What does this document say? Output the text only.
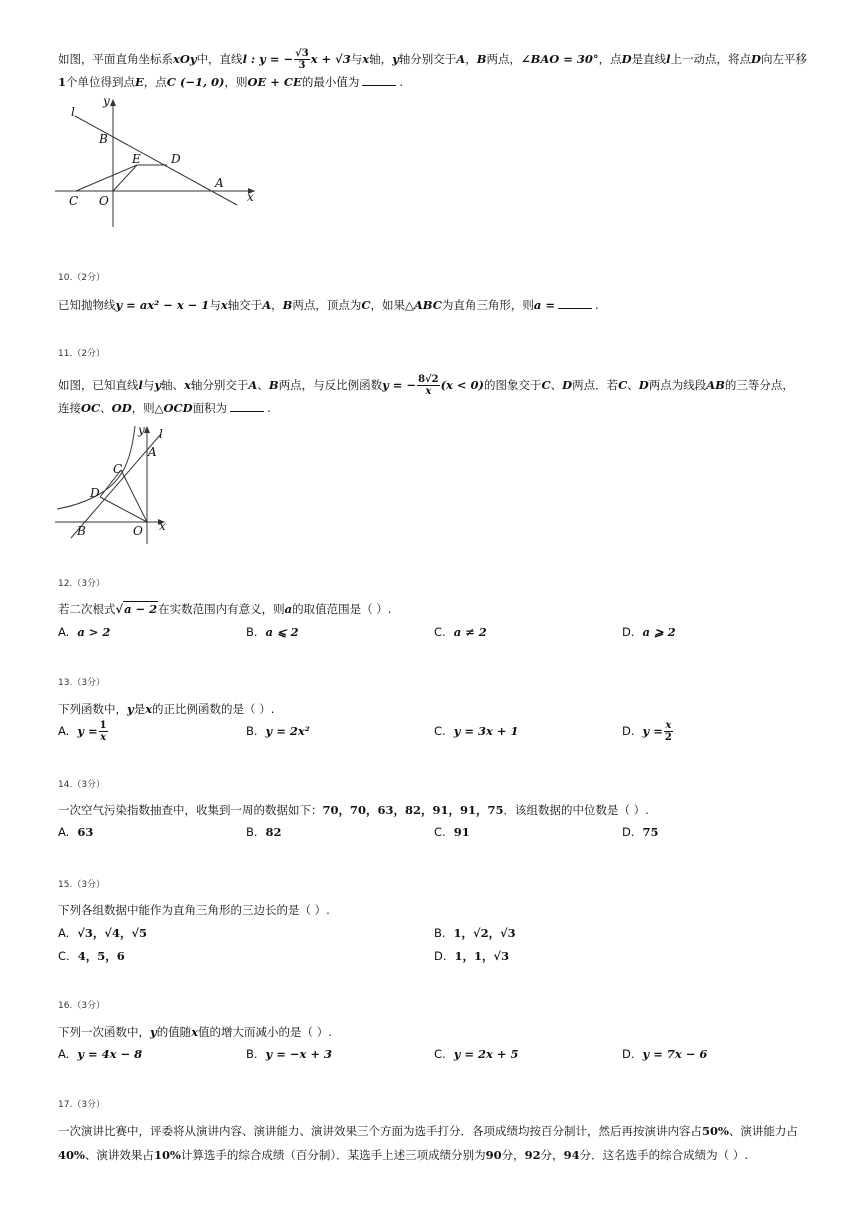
如图，平面直角坐标系xOy中，直线l : y = − $\frac{√3}{3}$ x + √3与x轴，y轴分别交于A，B两点，∠BAO = 30°，点D是直线l上一动点，将点D向左平移
1个单位得到点E，点C (−1, 0)，则OE + CE的最小值为	.
l
y
B
E	D
A
C O	x
10.（2分）
已知抛物线y = ax² − x − 1与x轴交于A，B两点，顶点为C，如果△ABC为直角三角形，则a =	.
11.（2分）
如图，已知直线l与y轴、x轴分别交于A、B两点，与反比例函数y = − $\frac{8√2}{x} (x < 0)$的图象交于C、D两点．若C、D两点为线段AB的三等分点，
连接OC、OD，则△OCD面积为	.
y l
A
C
D
B	O x
12.（3分）
若二次根式√a − 2在实数范围内有意义，则a的取值范围是（ ）.
A. a > 2	B. a ⩽ 2	C. a ≠ 2	D. a ⩾ 2
13.（3分）
下列函数中，y是x的正比例函数的是（ ）.
A. $y = \frac{1}{x}$	B. y = 2x²	C. y = 3x + 1	D. $y = \frac{x}{2}$
14.（3分）
一次空气污染指数抽查中，收集到一周的数据如下：70，70，63，82，91，91，75．该组数据的中位数是（ ）.
A. 63	B. 82	C. 91	D. 75
15.（3分）
下列各组数据中能作为直角三角形的三边长的是（ ）.
A. √3，√4，√5	B. 1，√2，√3
C. 4，5，6	D. 1，1，√3
16.（3分）
下列一次函数中，y的值随x值的增大而减小的是（ ）.
A. y = 4x − 8	B. y = −x + 3	C. y = 2x + 5	D. y = 7x − 6
17.（3分）
一次演讲比赛中，评委将从演讲内容、演讲能力、演讲效果三个方面为选手打分．各项成绩均按百分制计，然后再按演讲内容占50%、演讲能力占
40%、演讲效果占10%计算选手的综合成绩（百分制）．某选手上述三项成绩分别为90分，92分，94分．这名选手的综合成绩为（ ）.
